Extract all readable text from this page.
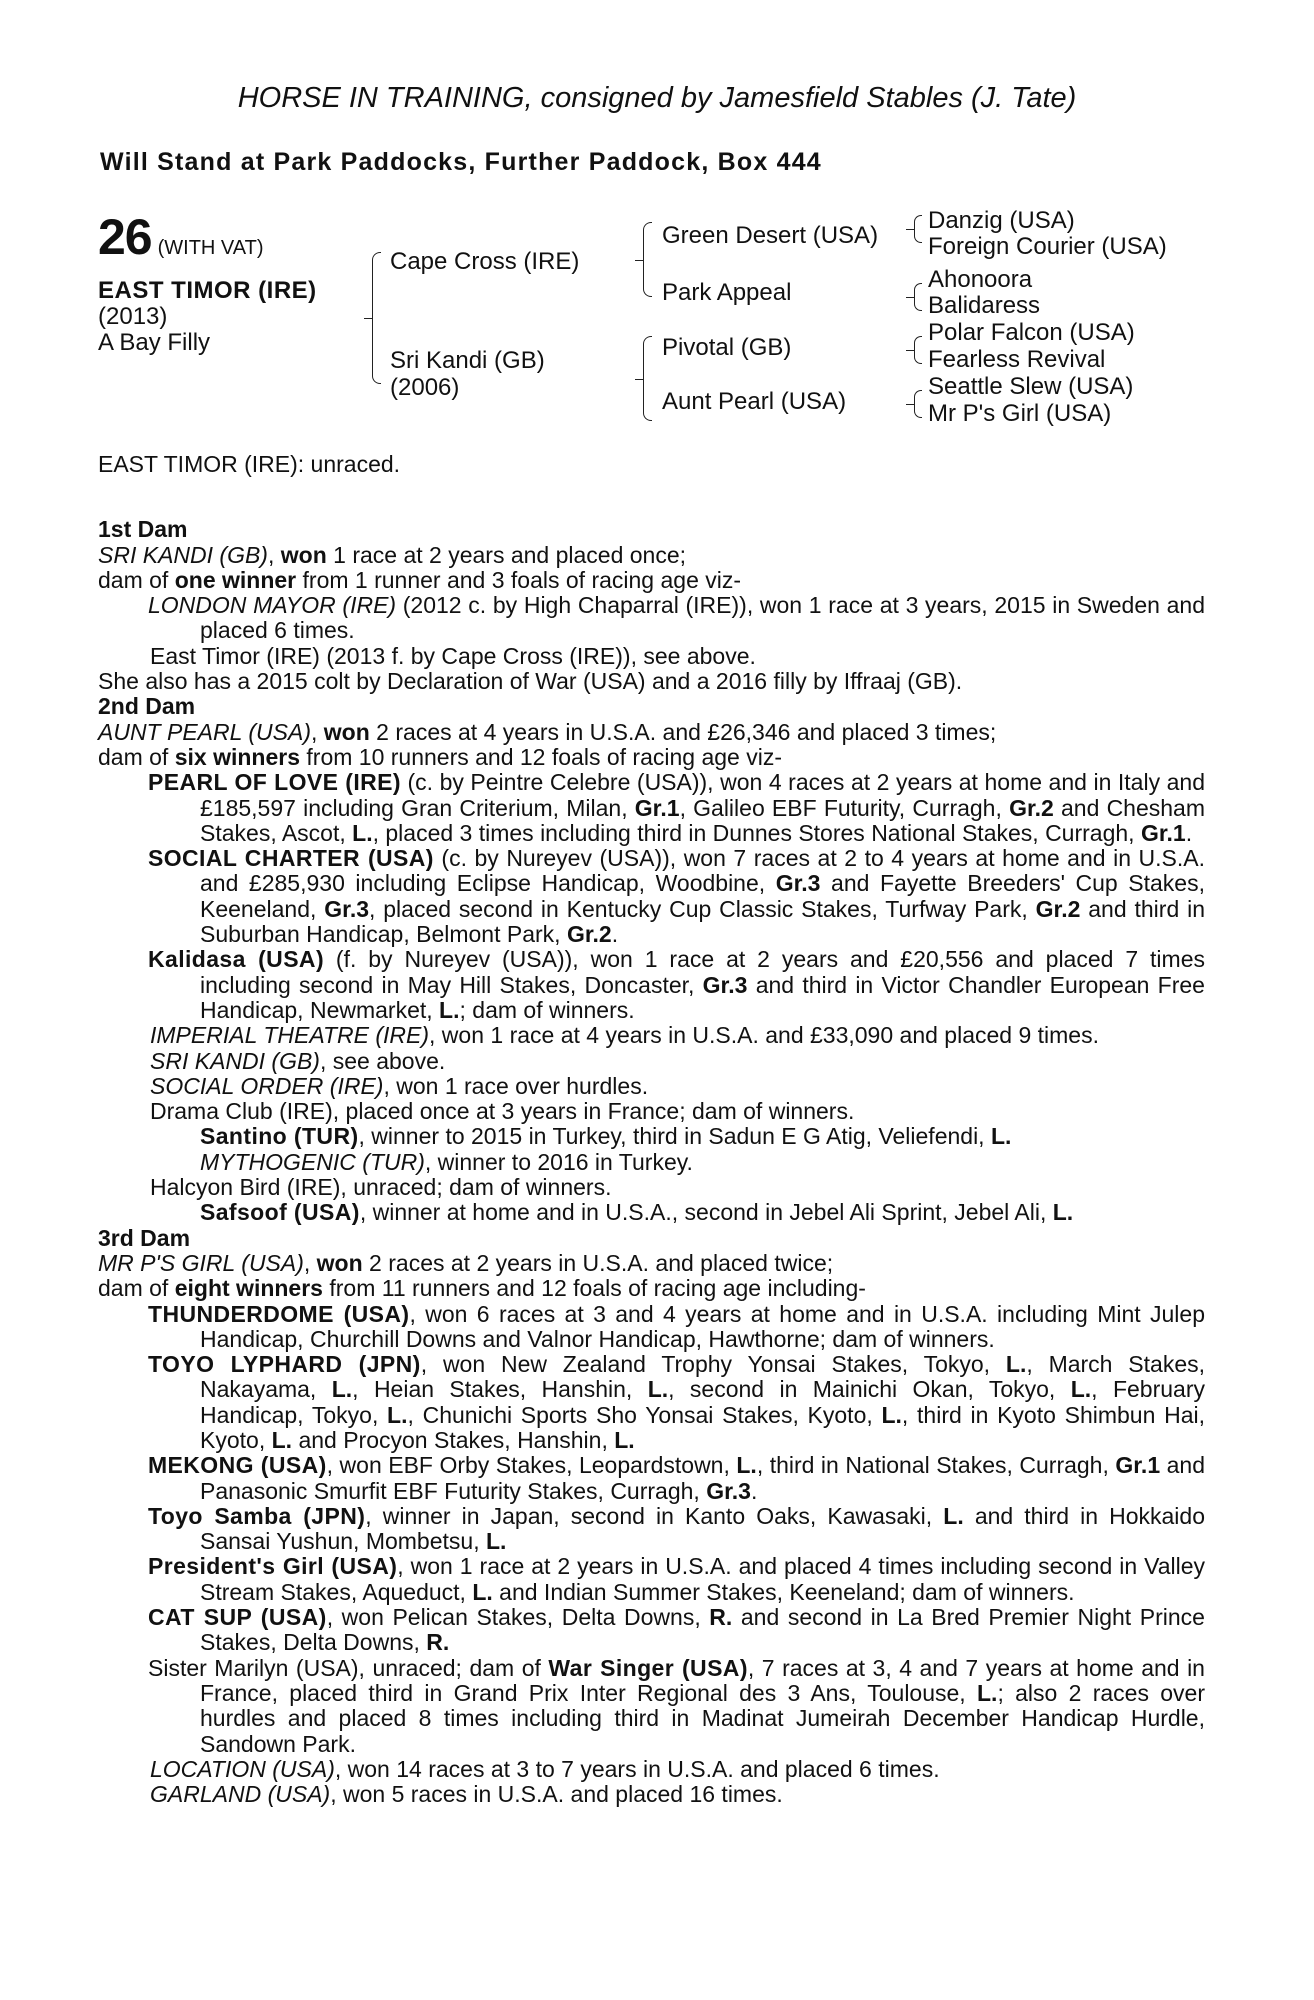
HORSE IN TRAINING, consigned by Jamesfield Stables (J. Tate)
Will Stand at Park Paddocks, Further Paddock, Box 444
26 (WITH VAT)
EAST TIMOR (IRE)
(2013)
A Bay Filly
Cape Cross (IRE)
Sri Kandi (GB)
(2006)
Green Desert (USA)
Park Appeal
Pivotal (GB)
Aunt Pearl (USA)
Danzig (USA)
Foreign Courier (USA)
Ahonoora
Balidaress
Polar Falcon (USA)
Fearless Revival
Seattle Slew (USA)
Mr P's Girl (USA)

EAST TIMOR (IRE): unraced.

1st Dam

SRI KANDI (GB), won 1 race at 2 years and placed once;

dam of one winner from 1 runner and 3 foals of racing age viz-

LONDON MAYOR (IRE) (2012 c. by High Chaparral (IRE)), won 1 race at 3 years, 2015 in Sweden and placed 6 times.

East Timor (IRE) (2013 f. by Cape Cross (IRE)), see above.

She also has a 2015 colt by Declaration of War (USA) and a 2016 filly by Iffraaj (GB).

2nd Dam

AUNT PEARL (USA), won 2 races at 4 years in U.S.A. and £26,346 and placed 3 times;

dam of six winners from 10 runners and 12 foals of racing age viz-

PEARL OF LOVE (IRE) (c. by Peintre Celebre (USA)), won 4 races at 2 years at home and in Italy and £185,597 including Gran Criterium, Milan, Gr.1, Galileo EBF Futurity, Curragh, Gr.2 and Chesham Stakes, Ascot, L., placed 3 times including third in Dunnes Stores National Stakes, Curragh, Gr.1.

SOCIAL CHARTER (USA) (c. by Nureyev (USA)), won 7 races at 2 to 4 years at home and in U.S.A. and £285,930 including Eclipse Handicap, Woodbine, Gr.3 and Fayette Breeders' Cup Stakes, Keeneland, Gr.3, placed second in Kentucky Cup Classic Stakes, Turfway Park, Gr.2 and third in Suburban Handicap, Belmont Park, Gr.2.

Kalidasa (USA) (f. by Nureyev (USA)), won 1 race at 2 years and £20,556 and placed 7 times including second in May Hill Stakes, Doncaster, Gr.3 and third in Victor Chandler European Free Handicap, Newmarket, L.; dam of winners.

IMPERIAL THEATRE (IRE), won 1 race at 4 years in U.S.A. and £33,090 and placed 9 times.

SRI KANDI (GB), see above.

SOCIAL ORDER (IRE), won 1 race over hurdles.

Drama Club (IRE), placed once at 3 years in France; dam of winners.

Santino (TUR), winner to 2015 in Turkey, third in Sadun E G Atig, Veliefendi, L.

MYTHOGENIC (TUR), winner to 2016 in Turkey.

Halcyon Bird (IRE), unraced; dam of winners.

Safsoof (USA), winner at home and in U.S.A., second in Jebel Ali Sprint, Jebel Ali, L.

3rd Dam

MR P'S GIRL (USA), won 2 races at 2 years in U.S.A. and placed twice;

dam of eight winners from 11 runners and 12 foals of racing age including-

THUNDERDOME (USA), won 6 races at 3 and 4 years at home and in U.S.A. including Mint Julep Handicap, Churchill Downs and Valnor Handicap, Hawthorne; dam of winners.

TOYO LYPHARD (JPN), won New Zealand Trophy Yonsai Stakes, Tokyo, L., March Stakes, Nakayama, L., Heian Stakes, Hanshin, L., second in Mainichi Okan, Tokyo, L., February Handicap, Tokyo, L., Chunichi Sports Sho Yonsai Stakes, Kyoto, L., third in Kyoto Shimbun Hai, Kyoto, L. and Procyon Stakes, Hanshin, L.

MEKONG (USA), won EBF Orby Stakes, Leopardstown, L., third in National Stakes, Curragh, Gr.1 and Panasonic Smurfit EBF Futurity Stakes, Curragh, Gr.3.

Toyo Samba (JPN), winner in Japan, second in Kanto Oaks, Kawasaki, L. and third in Hokkaido Sansai Yushun, Mombetsu, L.

President's Girl (USA), won 1 race at 2 years in U.S.A. and placed 4 times including second in Valley Stream Stakes, Aqueduct, L. and Indian Summer Stakes, Keeneland; dam of winners.

CAT SUP (USA), won Pelican Stakes, Delta Downs, R. and second in La Bred Premier Night Prince Stakes, Delta Downs, R.

Sister Marilyn (USA), unraced; dam of War Singer (USA), 7 races at 3, 4 and 7 years at home and in France, placed third in Grand Prix Inter Regional des 3 Ans, Toulouse, L.; also 2 races over hurdles and placed 8 times including third in Madinat Jumeirah December Handicap Hurdle, Sandown Park.

LOCATION (USA), won 14 races at 3 to 7 years in U.S.A. and placed 6 times.

GARLAND (USA), won 5 races in U.S.A. and placed 16 times.
